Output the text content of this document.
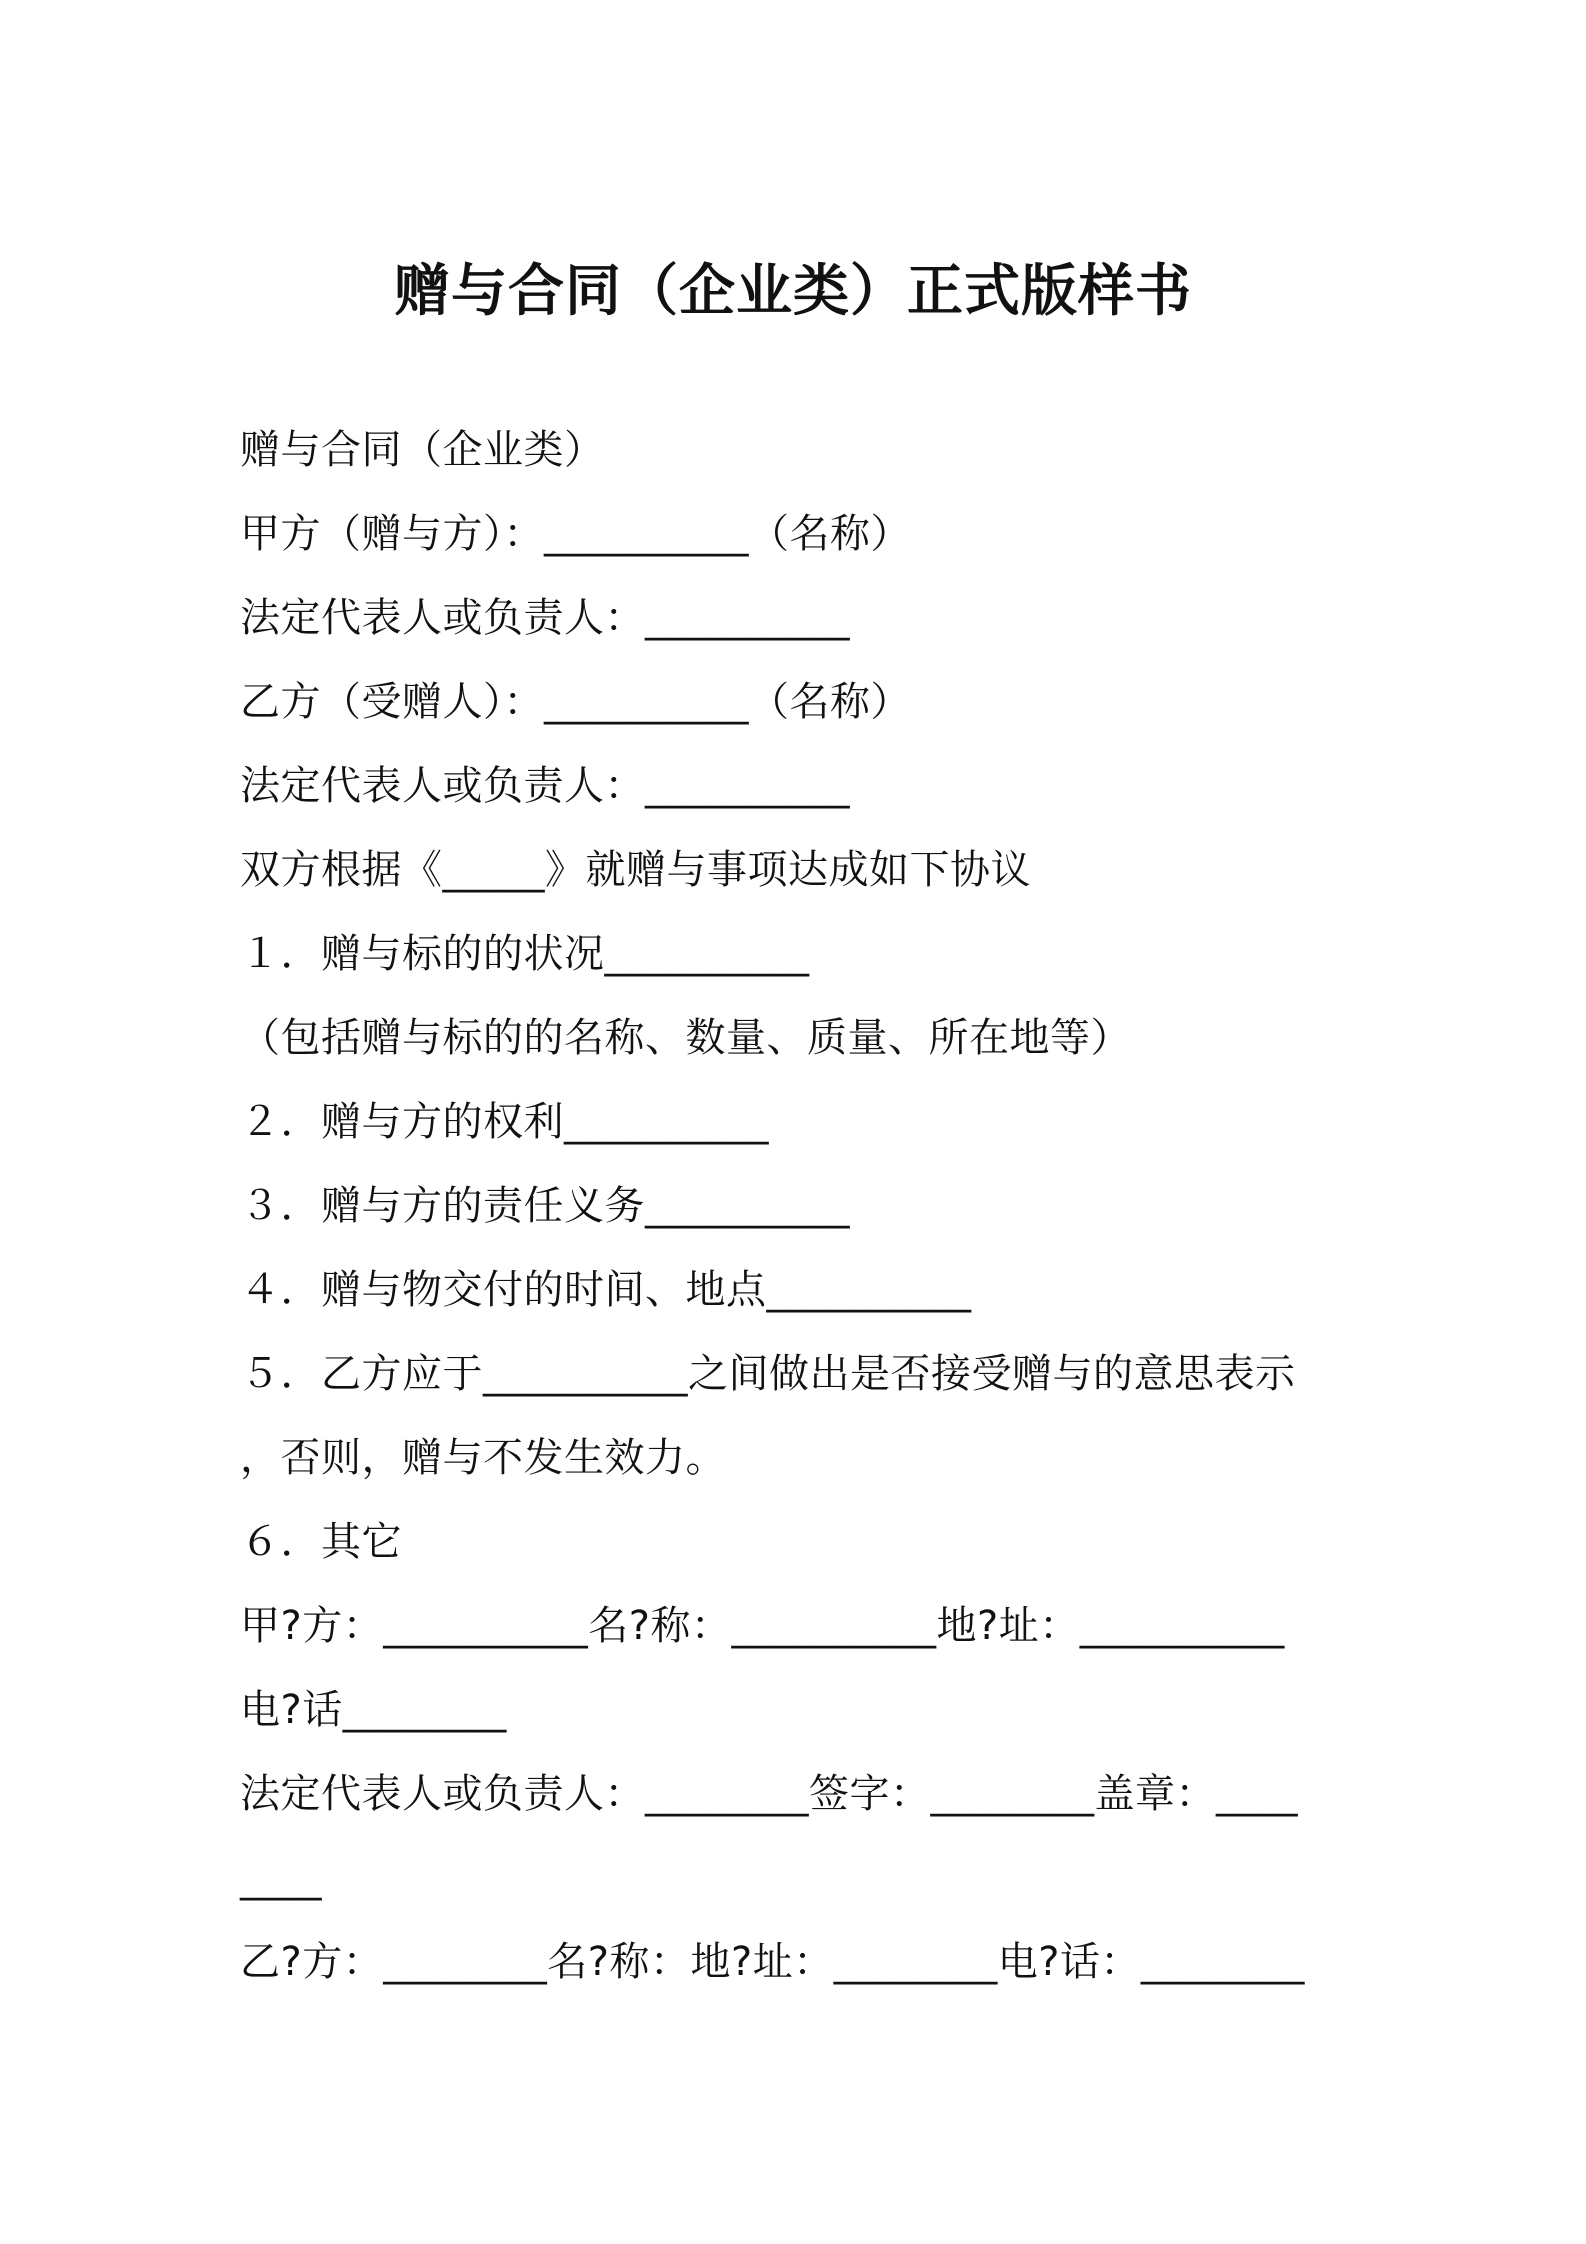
赠与合同（企业类）正式版样书
赠与合同（企业类）
甲方（赠与方）：__________（名称）
法定代表人或负责人：__________
乙方（受赠人）：__________（名称）
法定代表人或负责人：__________
双方根据《_____》就赠与事项达成如下协议
１．赠与标的的状况__________
（包括赠与标的的名称、数量、质量、所在地等）
２．赠与方的权利__________
３．赠与方的责任义务__________
４．赠与物交付的时间、地点__________
５．乙方应于__________之间做出是否接受赠与的意思表示
，否则，赠与不发生效力。
６．其它
甲?方：__________名?称：__________地?址：__________
电?话________
法定代表人或负责人：________签字：________盖章：____
____
乙?方：________名?称：地?址：________电?话：________
